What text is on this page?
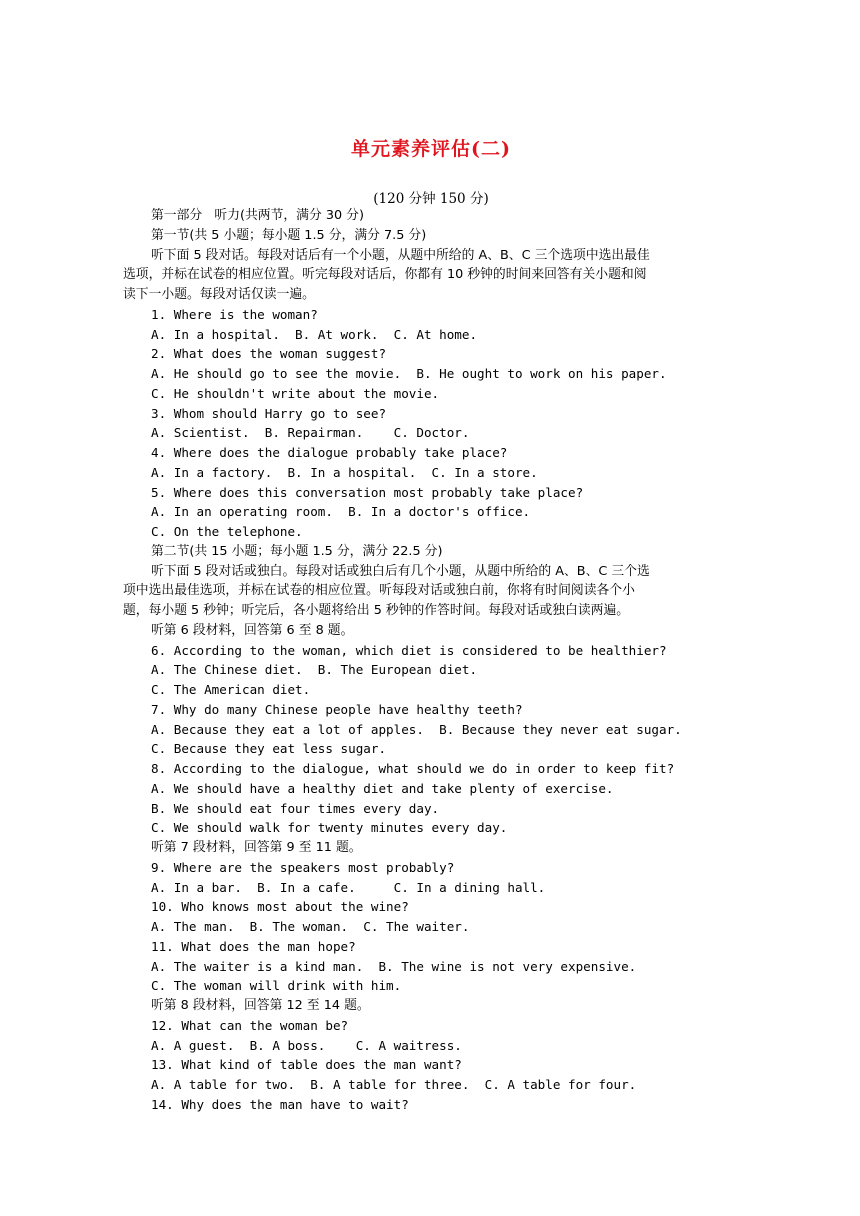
单元素养评估(二)
(120 分钟 150 分)
第一部分   听力(共两节，满分 30 分)
第一节(共 5 小题；每小题 1.5 分，满分 7.5 分)
听下面 5 段对话。每段对话后有一个小题，从题中所给的 A、B、C 三个选项中选出最佳
选项，并标在试卷的相应位置。听完每段对话后，你都有 10 秒钟的时间来回答有关小题和阅
读下一小题。每段对话仅读一遍。
1. Where is the woman?
A. In a hospital.  B. At work.  C. At home.
2. What does the woman suggest?
A. He should go to see the movie.  B. He ought to work on his paper.
C. He shouldn't write about the movie.
3. Whom should Harry go to see?
A. Scientist.  B. Repairman.    C. Doctor.
4. Where does the dialogue probably take place?
A. In a factory.  B. In a hospital.  C. In a store.
5. Where does this conversation most probably take place?
A. In an operating room.  B. In a doctor's office.
C. On the telephone.
第二节(共 15 小题；每小题 1.5 分，满分 22.5 分)
听下面 5 段对话或独白。每段对话或独白后有几个小题，从题中所给的 A、B、C 三个选
项中选出最佳选项，并标在试卷的相应位置。听每段对话或独白前，你将有时间阅读各个小
题，每小题 5 秒钟；听完后，各小题将给出 5 秒钟的作答时间。每段对话或独白读两遍。
听第 6 段材料，回答第 6 至 8 题。
6. According to the woman, which diet is considered to be healthier?
A. The Chinese diet.  B. The European diet.
C. The American diet.
7. Why do many Chinese people have healthy teeth?
A. Because they eat a lot of apples.  B. Because they never eat sugar.
C. Because they eat less sugar.
8. According to the dialogue, what should we do in order to keep fit?
A. We should have a healthy diet and take plenty of exercise.
B. We should eat four times every day.
C. We should walk for twenty minutes every day.
听第 7 段材料，回答第 9 至 11 题。
9. Where are the speakers most probably?
A. In a bar.  B. In a cafe.     C. In a dining hall.
10. Who knows most about the wine?
A. The man.  B. The woman.  C. The waiter.
11. What does the man hope?
A. The waiter is a kind man.  B. The wine is not very expensive.
C. The woman will drink with him.
听第 8 段材料，回答第 12 至 14 题。
12. What can the woman be?
A. A guest.  B. A boss.    C. A waitress.
13. What kind of table does the man want?
A. A table for two.  B. A table for three.  C. A table for four.
14. Why does the man have to wait?
